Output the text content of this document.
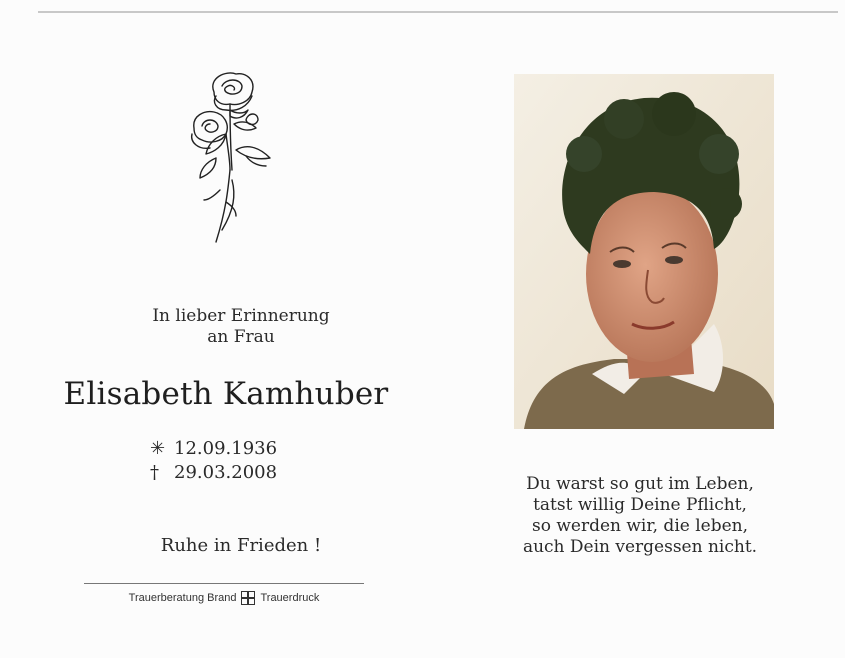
In lieber Erinnerung
an Frau
Elisabeth Kamhuber
✳ 12.09.1936
† 29.03.2008
Ruhe in Frieden !
Trauerberatung Brand Trauerdruck
Du warst so gut im Leben,
tatst willig Deine Pflicht,
so werden wir, die leben,
auch Dein vergessen nicht.
